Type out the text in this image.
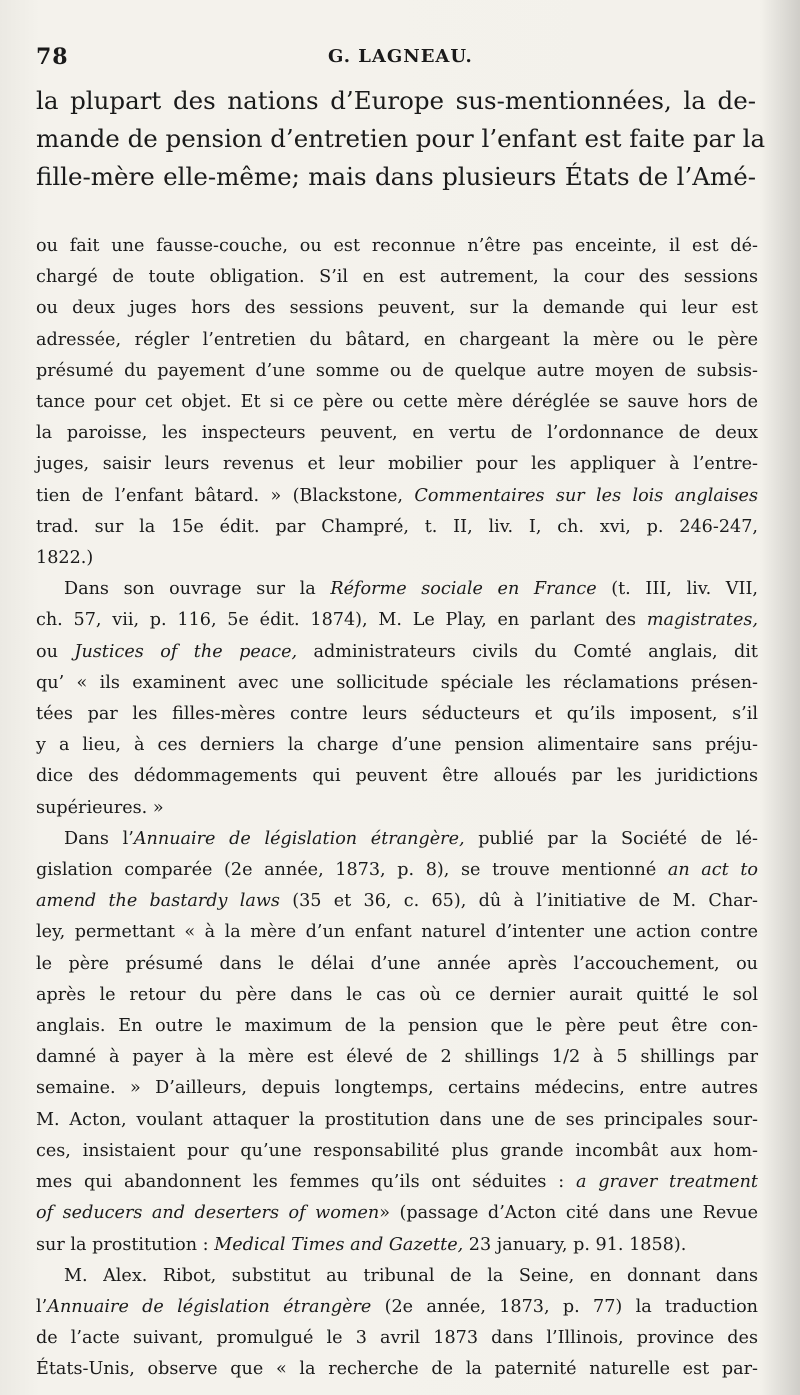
78	G. LAGNEAU.
la plupart des nations d’Europe sus-mentionnées, la de-
mande de pension d’entretien pour l’enfant est faite par la
fille-mère elle-même; mais dans plusieurs États de l’Amé-
ou fait une fausse-couche, ou est reconnue n’être pas enceinte, il est dé-
chargé de toute obligation. S’il en est autrement, la cour des sessions
ou deux juges hors des sessions peuvent, sur la demande qui leur est
adressée, régler l’entretien du bâtard, en chargeant la mère ou le père
présumé du payement d’une somme ou de quelque autre moyen de subsis-
tance pour cet objet. Et si ce père ou cette mère déréglée se sauve hors de
la paroisse, les inspecteurs peuvent, en vertu de l’ordonnance de deux
juges, saisir leurs revenus et leur mobilier pour les appliquer à l’entre-
tien de l’enfant bâtard. » (Blackstone, Commentaires sur les lois anglaises
trad. sur la 15e édit. par Champré, t. II, liv. I, ch. xvi, p. 246-247,
1822.)
Dans son ouvrage sur la Réforme sociale en France (t. III, liv. VII,
ch. 57, vii, p. 116, 5e édit. 1874), M. Le Play, en parlant des magistrates,
ou Justices of the peace, administrateurs civils du Comté anglais, dit
qu’ « ils examinent avec une sollicitude spéciale les réclamations présen-
tées par les filles-mères contre leurs séducteurs et qu’ils imposent, s’il
y a lieu, à ces derniers la charge d’une pension alimentaire sans préju-
dice des dédommagements qui peuvent être alloués par les juridictions
supérieures. »
Dans l’Annuaire de législation étrangère, publié par la Société de lé-
gislation comparée (2e année, 1873, p. 8), se trouve mentionné an act to
amend the bastardy laws (35 et 36, c. 65), dû à l’initiative de M. Char-
ley, permettant « à la mère d’un enfant naturel d’intenter une action contre
le père présumé dans le délai d’une année après l’accouchement, ou
après le retour du père dans le cas où ce dernier aurait quitté le sol
anglais. En outre le maximum de la pension que le père peut être con-
damné à payer à la mère est élevé de 2 shillings 1/2 à 5 shillings par
semaine. » D’ailleurs, depuis longtemps, certains médecins, entre autres
M. Acton, voulant attaquer la prostitution dans une de ses principales sour-
ces, insistaient pour qu’une responsabilité plus grande incombât aux hom-
mes qui abandonnent les femmes qu’ils ont séduites : a graver treatment
of seducers and deserters of women» (passage d’Acton cité dans une Revue
sur la prostitution : Medical Times and Gazette, 23 january, p. 91. 1858).
M. Alex. Ribot, substitut au tribunal de la Seine, en donnant dans
l’Annuaire de législation étrangère (2e année, 1873, p. 77) la traduction
de l’acte suivant, promulgué le 3 avril 1873 dans l’Illinois, province des
États-Unis, observe que « la recherche de la paternité naturelle est par-
